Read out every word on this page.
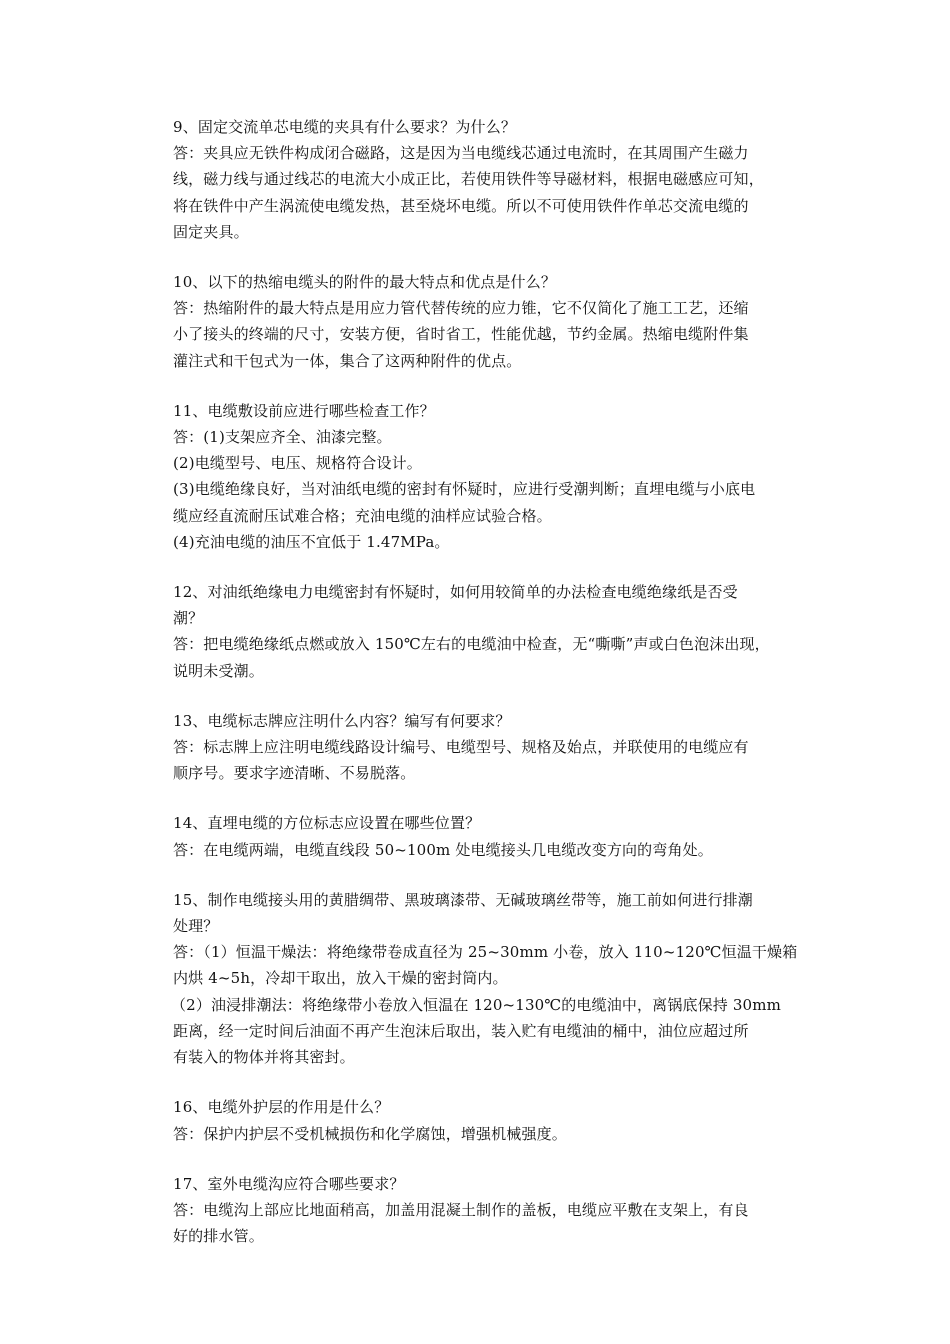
9、固定交流单芯电缆的夹具有什么要求？为什么？
答：夹具应无铁件构成闭合磁路，这是因为当电缆线芯通过电流时，在其周围产生磁力
线，磁力线与通过线芯的电流大小成正比，若使用铁件等导磁材料，根据电磁感应可知，
将在铁件中产生涡流使电缆发热，甚至烧坏电缆。所以不可使用铁件作单芯交流电缆的
固定夹具。
10、以下的热缩电缆头的附件的最大特点和优点是什么？
答：热缩附件的最大特点是用应力管代替传统的应力锥，它不仅简化了施工工艺，还缩
小了接头的终端的尺寸，安装方便，省时省工，性能优越，节约金属。热缩电缆附件集
灌注式和干包式为一体，集合了这两种附件的优点。
11、电缆敷设前应进行哪些检查工作？
答：(1)支架应齐全、油漆完整。
(2)电缆型号、电压、规格符合设计。
(3)电缆绝缘良好，当对油纸电缆的密封有怀疑时，应进行受潮判断；直埋电缆与小底电
缆应经直流耐压试难合格；充油电缆的油样应试验合格。
(4)充油电缆的油压不宜低于 1.47MPa。
12、对油纸绝缘电力电缆密封有怀疑时，如何用较简单的办法检查电缆绝缘纸是否受
潮？
答：把电缆绝缘纸点燃或放入 150℃左右的电缆油中检查，无“嘶嘶”声或白色泡沫出现，
说明未受潮。
13、电缆标志牌应注明什么内容？编写有何要求？
答：标志牌上应注明电缆线路设计编号、电缆型号、规格及始点，并联使用的电缆应有
顺序号。要求字迹清晰、不易脱落。
14、直埋电缆的方位标志应设置在哪些位置？
答：在电缆两端，电缆直线段 50~100m 处电缆接头几电缆改变方向的弯角处。
15、制作电缆接头用的黄腊绸带、黑玻璃漆带、无碱玻璃丝带等，施工前如何进行排潮
处理？
答：（1）恒温干燥法：将绝缘带卷成直径为 25~30mm 小卷，放入 110~120℃恒温干燥箱
内烘 4~5h，冷却干取出，放入干燥的密封筒内。
（2）油浸排潮法：将绝缘带小卷放入恒温在 120~130℃的电缆油中，离锅底保持 30mm
距离，经一定时间后油面不再产生泡沫后取出，装入贮有电缆油的桶中，油位应超过所
有装入的物体并将其密封。
16、电缆外护层的作用是什么？
答：保护内护层不受机械损伤和化学腐蚀，增强机械强度。
17、室外电缆沟应符合哪些要求？
答：电缆沟上部应比地面稍高，加盖用混凝土制作的盖板，电缆应平敷在支架上，有良
好的排水管。
